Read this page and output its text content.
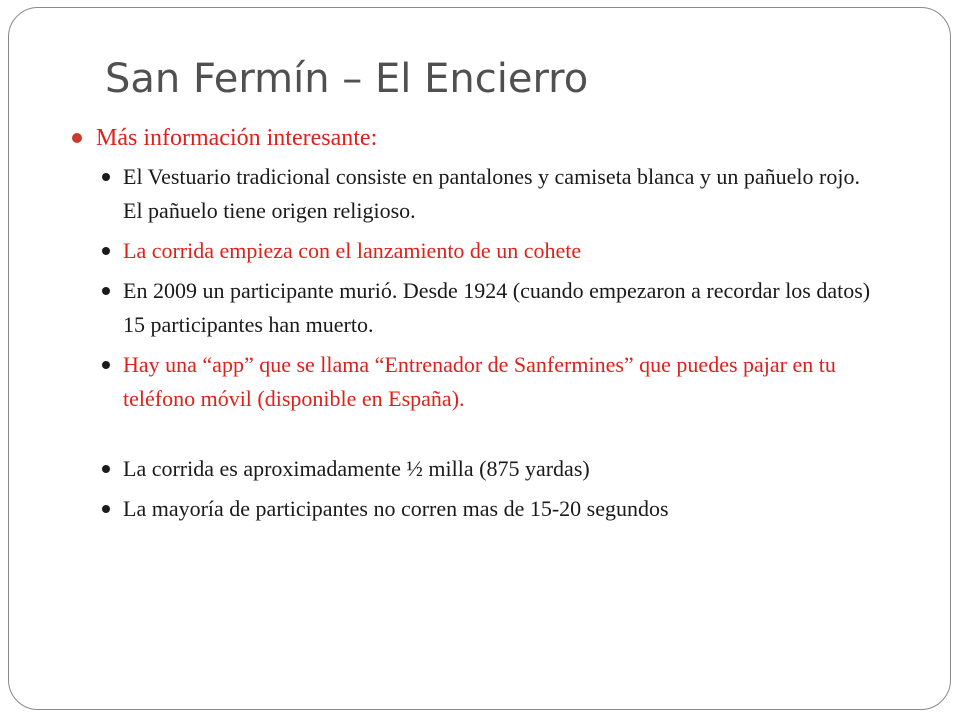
San Fermín – El Encierro
Más información interesante:
El Vestuario tradicional consiste en pantalones y camiseta blanca y un pañuelo rojo. El pañuelo tiene origen religioso.
La corrida empieza con el lanzamiento de un cohete
En 2009 un participante murió. Desde 1924 (cuando empezaron a recordar los datos) 15 participantes han muerto.
Hay una “app” que se llama “Entrenador de Sanfermines” que puedes pajar en tu teléfono móvil (disponible en España).
La corrida es aproximadamente ½ milla (875 yardas)
La mayoría de participantes no corren mas de 15-20 segundos
